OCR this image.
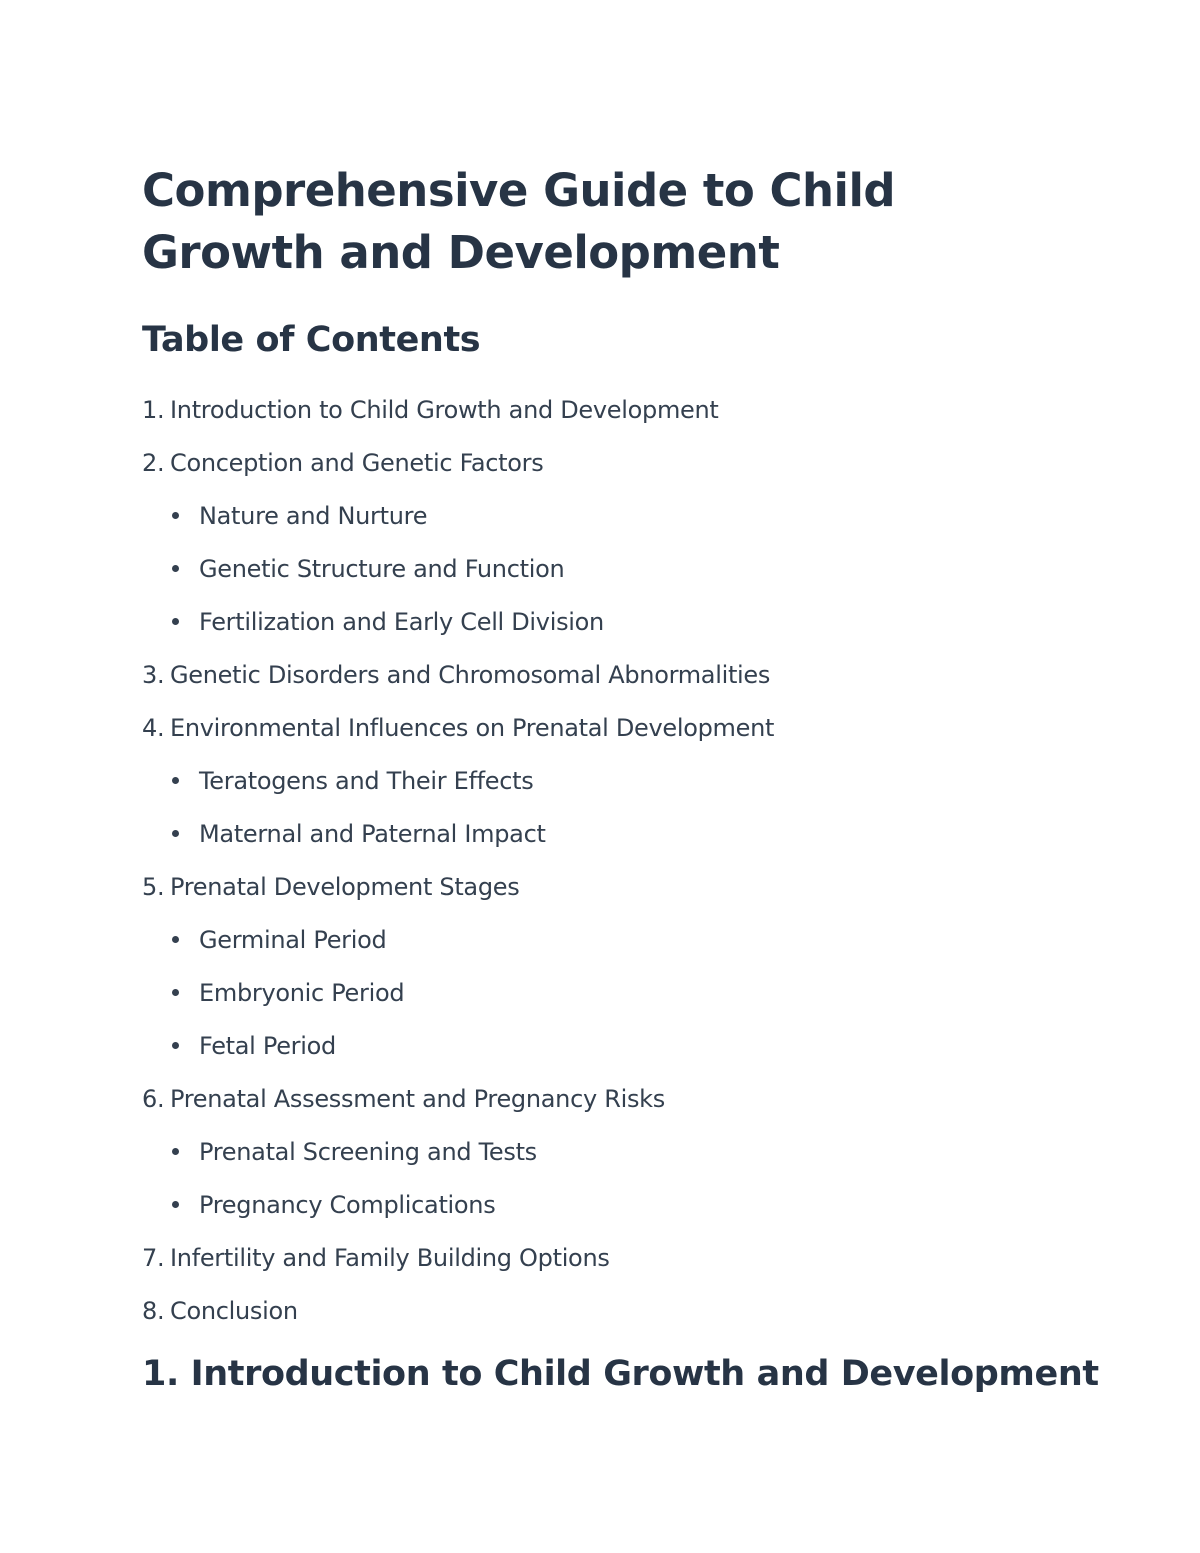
Comprehensive Guide to Child Growth and Development
Table of Contents
1. Introduction to Child Growth and Development
2. Conception and Genetic Factors
Nature and Nurture
Genetic Structure and Function
Fertilization and Early Cell Division
3. Genetic Disorders and Chromosomal Abnormalities
4. Environmental Influences on Prenatal Development
Teratogens and Their Effects
Maternal and Paternal Impact
5. Prenatal Development Stages
Germinal Period
Embryonic Period
Fetal Period
6. Prenatal Assessment and Pregnancy Risks
Prenatal Screening and Tests
Pregnancy Complications
7. Infertility and Family Building Options
8. Conclusion
1. Introduction to Child Growth and Development
